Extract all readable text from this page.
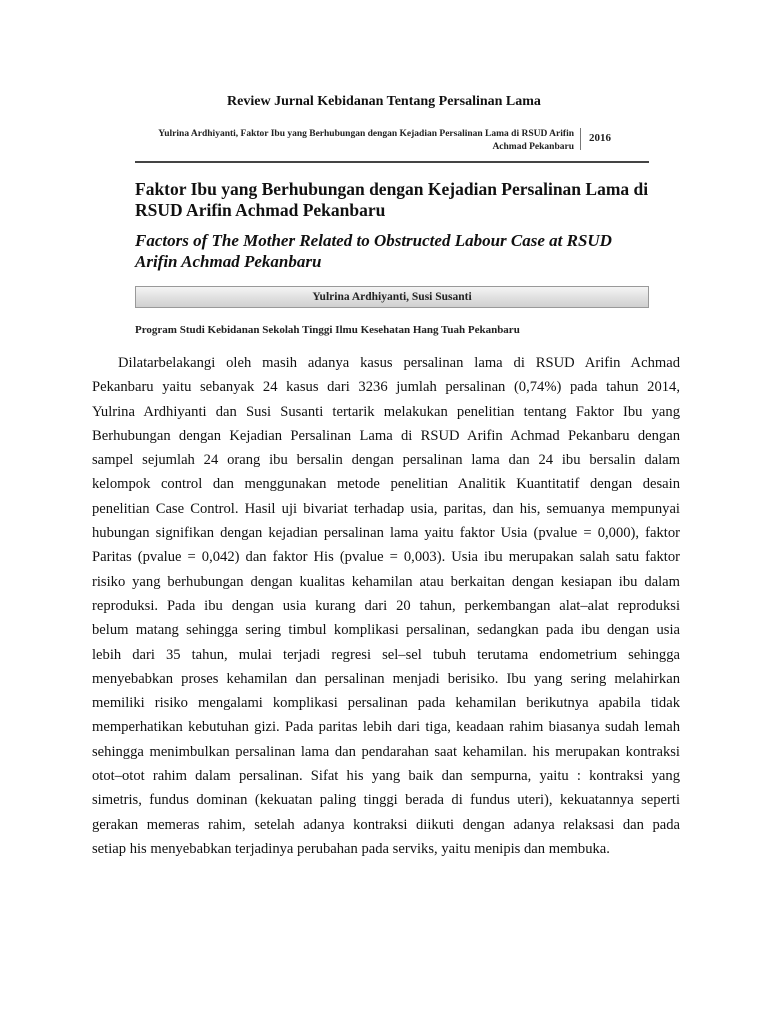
Review Jurnal Kebidanan Tentang Persalinan Lama
Yulrina Ardhiyanti, Faktor Ibu yang Berhubungan dengan Kejadian Persalinan Lama di RSUD Arifin Achmad Pekanbaru
2016
Faktor Ibu yang Berhubungan dengan Kejadian Persalinan Lama di RSUD Arifin Achmad Pekanbaru
Factors of The Mother Related to Obstructed Labour Case at RSUD Arifin Achmad Pekanbaru
Yulrina Ardhiyanti, Susi Susanti
Program Studi Kebidanan Sekolah Tinggi Ilmu Kesehatan Hang Tuah Pekanbaru
Dilatarbelakangi oleh masih adanya kasus persalinan lama di RSUD Arifin Achmad
Pekanbaru yaitu sebanyak 24 kasus dari 3236 jumlah persalinan (0,74%) pada tahun 2014,
Yulrina Ardhiyanti dan Susi Susanti tertarik melakukan penelitian tentang Faktor Ibu yang
Berhubungan dengan Kejadian Persalinan Lama di RSUD Arifin Achmad Pekanbaru dengan
sampel sejumlah 24 orang ibu bersalin dengan persalinan lama dan 24 ibu bersalin dalam
kelompok control dan menggunakan metode penelitian Analitik Kuantitatif dengan desain
penelitian Case Control. Hasil uji bivariat terhadap usia, paritas, dan his, semuanya mempunyai
hubungan signifikan dengan kejadian persalinan lama yaitu faktor Usia (pvalue = 0,000), faktor
Paritas (pvalue = 0,042) dan faktor His (pvalue = 0,003). Usia ibu merupakan salah satu faktor
risiko yang berhubungan dengan kualitas kehamilan atau berkaitan dengan kesiapan ibu dalam
reproduksi. Pada ibu dengan usia kurang dari 20 tahun, perkembangan alat–alat reproduksi
belum matang sehingga sering timbul komplikasi persalinan, sedangkan pada ibu dengan usia
lebih dari 35 tahun, mulai terjadi regresi sel–sel tubuh terutama endometrium sehingga
menyebabkan proses kehamilan dan persalinan menjadi berisiko. Ibu yang sering melahirkan
memiliki risiko mengalami komplikasi persalinan pada kehamilan berikutnya apabila tidak
memperhatikan kebutuhan gizi. Pada paritas lebih dari tiga, keadaan rahim biasanya sudah lemah
sehingga menimbulkan persalinan lama dan pendarahan saat kehamilan. his merupakan kontraksi
otot–otot rahim dalam persalinan. Sifat his yang baik dan sempurna, yaitu : kontraksi yang
simetris, fundus dominan (kekuatan paling tinggi berada di fundus uteri), kekuatannya seperti
gerakan memeras rahim, setelah adanya kontraksi diikuti dengan adanya relaksasi dan pada
setiap his menyebabkan terjadinya perubahan pada serviks, yaitu menipis dan membuka.
